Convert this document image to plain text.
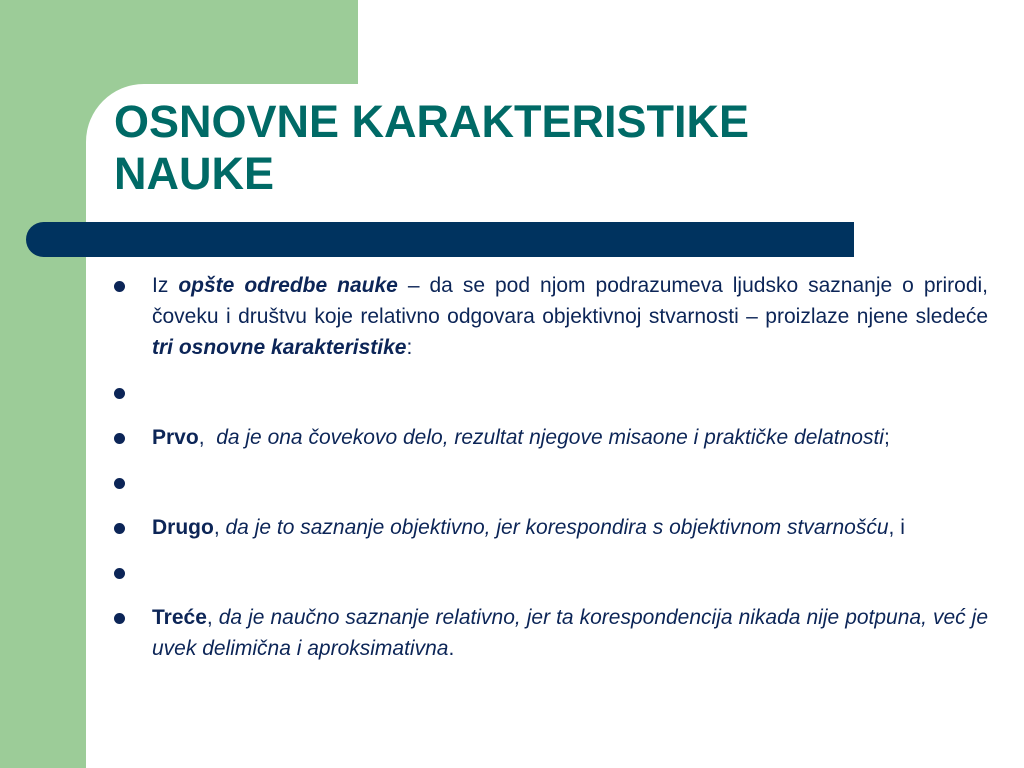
OSNOVNE KARAKTERISTIKE
NAUKE
Iz opšte odredbe nauke – da se pod njom podrazumeva ljudsko saznanje o prirodi, čoveku i društvu koje relativno odgovara objektivnoj stvarnosti – proizlaze njene sledeće tri osnovne karakteristike:
Prvo,  da je ona čovekovo delo, rezultat njegove misaone i praktičke delatnosti;
Drugo, da je to saznanje objektivno, jer korespondira s objektivnom stvarnošću, i
Treće, da je naučno saznanje relativno, jer ta korespondencija nikada nije potpuna, već je uvek delimična i aproksimativna.
